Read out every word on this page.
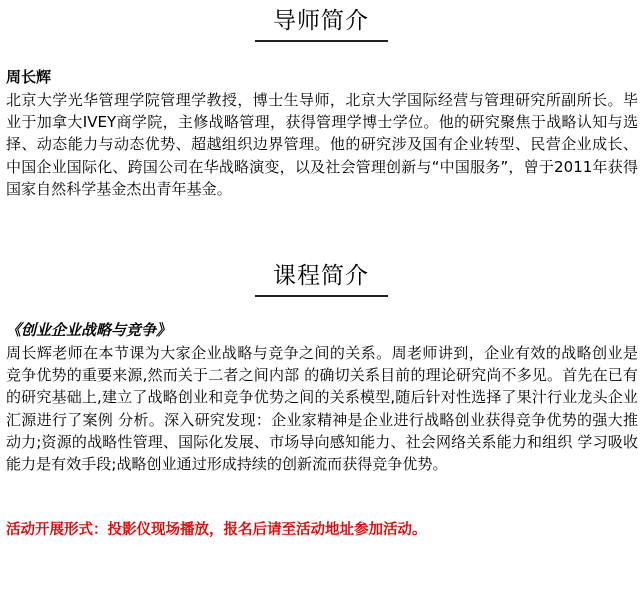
导师简介
周长辉

北京大学光华管理学院管理学教授，博士生导师，北京大学国际经营与管理研究所副所长。毕业于加拿大IVEY商学院，主修战略管理，获得管理学博士学位。他的研究聚焦于战略认知与选择、动态能力与动态优势、超越组织边界管理。他的研究涉及国有企业转型、民营企业成长、中国企业国际化、跨国公司在华战略演变，以及社会管理创新与“中国服务”，曾于2011年获得国家自然科学基金杰出青年基金。

课程简介
《创业企业战略与竞争》

周长辉老师在本节课为大家企业战略与竞争之间的关系。周老师讲到，企业有效的战略创业是竞争优势的重要来源,然而关于二者之间内部 的确切关系目前的理论研究尚不多见。首先在已有的研究基础上,建立了战略创业和竞争优势之间的关系模型,随后针对性选择了果汁行业龙头企业汇源进行了案例 分析。深入研究发现：企业家精神是企业进行战略创业获得竞争优势的强大推动力;资源的战略性管理、国际化发展、市场导向感知能力、社会网络关系能力和组织 学习吸收能力是有效手段;战略创业通过形成持续的创新流而获得竞争优势。

活动开展形式：投影仪现场播放，报名后请至活动地址参加活动。
